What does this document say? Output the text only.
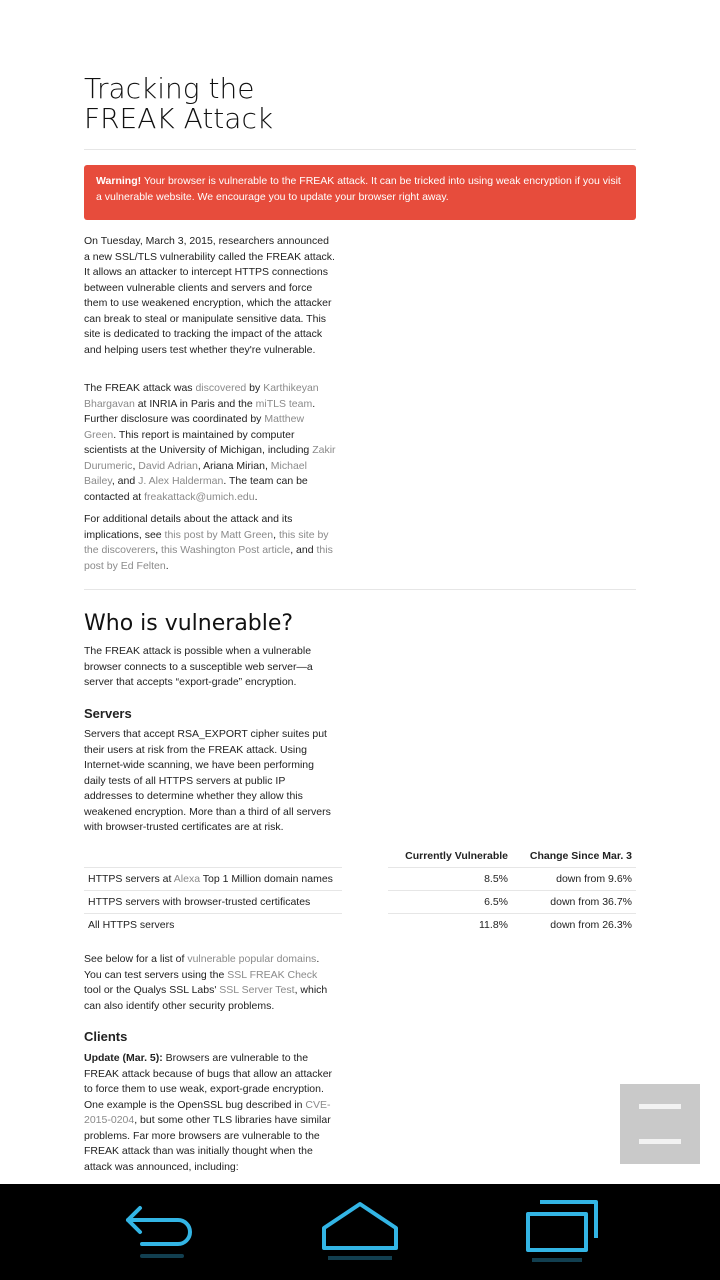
Tracking the
FREAK Attack
Warning! Your browser is vulnerable to the FREAK attack. It can be tricked into using weak encryption if you visit a vulnerable website. We encourage you to update your browser right away.

On Tuesday, March 3, 2015, researchers announced a new SSL/TLS vulnerability called the FREAK attack. It allows an attacker to intercept HTTPS connections between vulnerable clients and servers and force them to use weakened encryption, which the attacker can break to steal or manipulate sensitive data. This site is dedicated to tracking the impact of the attack and helping users test whether they're vulnerable.

The FREAK attack was discovered by Karthikeyan Bhargavan at INRIA in Paris and the miTLS team. Further disclosure was coordinated by Matthew Green. This report is maintained by computer scientists at the University of Michigan, including Zakir Durumeric, David Adrian, Ariana Mirian, Michael Bailey, and J. Alex Halderman. The team can be contacted at freakattack@umich.edu.

For additional details about the attack and its implications, see this post by Matt Green, this site by the discoverers, this Washington Post article, and this post by Ed Felten.

Who is vulnerable?

The FREAK attack is possible when a vulnerable browser connects to a susceptible web server—a server that accepts “export-grade” encryption.

Servers

Servers that accept RSA_EXPORT cipher suites put their users at risk from the FREAK attack. Using Internet-wide scanning, we have been performing daily tests of all HTTPS servers at public IP addresses to determine whether they allow this weakened encryption. More than a third of all servers with browser-trusted certificates are at risk.

		Currently Vulnerable	Change Since Mar. 3
HTTPS servers at Alexa Top 1 Million domain names		8.5%	down from 9.6%
HTTPS servers with browser-trusted certificates		6.5%	down from 36.7%
All HTTPS servers		11.8%	down from 26.3%

See below for a list of vulnerable popular domains. You can test servers using the SSL FREAK Check tool or the Qualys SSL Labs' SSL Server Test, which can also identify other security problems.

Clients

Update (Mar. 5): Browsers are vulnerable to the FREAK attack because of bugs that allow an attacker to force them to use weak, export-grade encryption. One example is the OpenSSL bug described in CVE-2015-0204, but some other TLS libraries have similar problems. Far more browsers are vulnerable to the FREAK attack than was initially thought when the attack was announced, including:
